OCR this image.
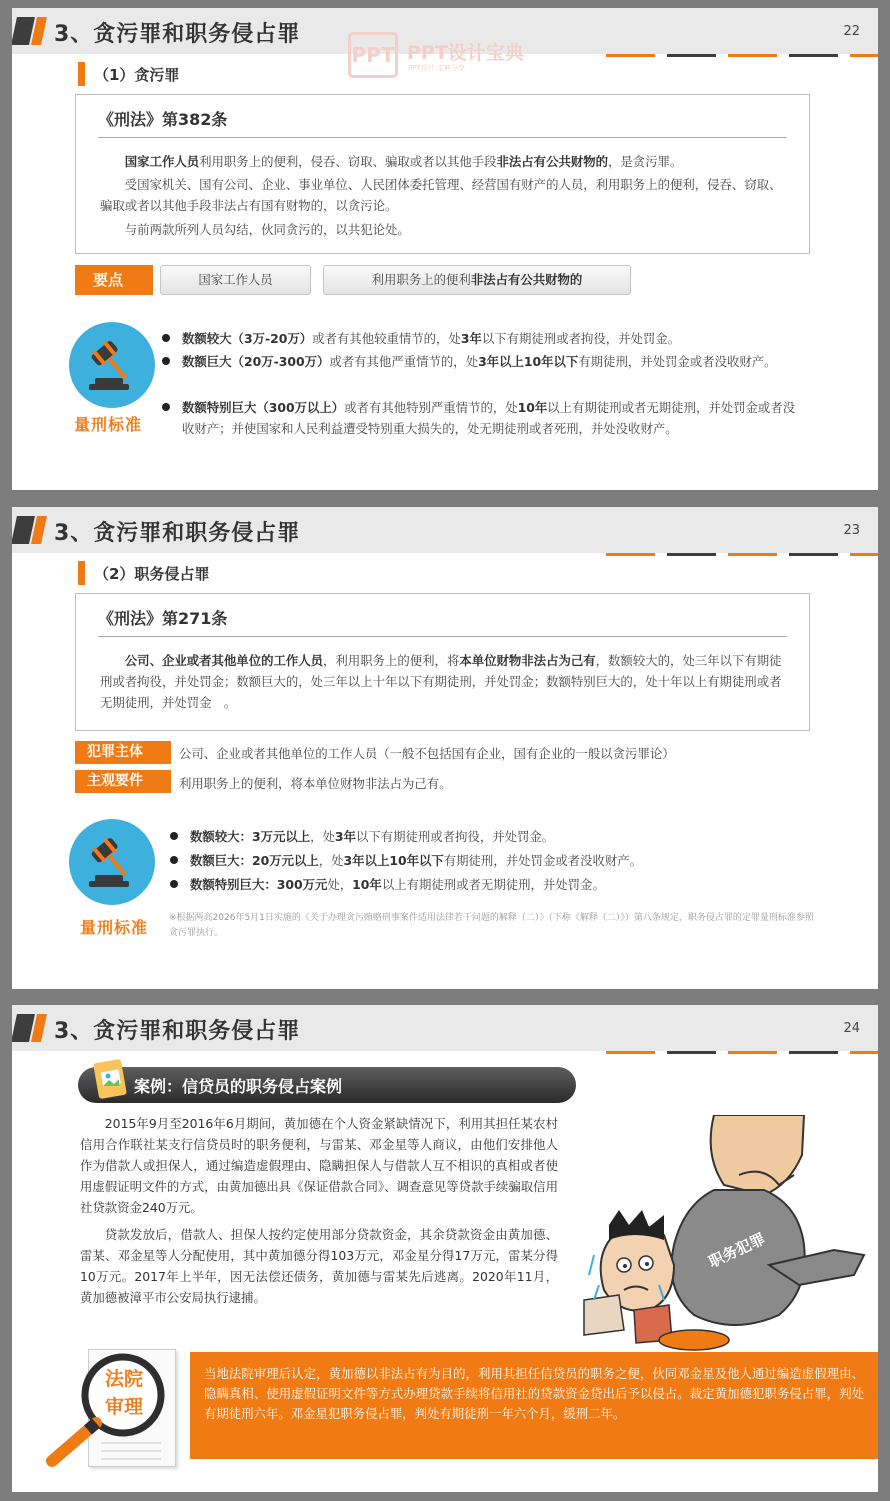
3、贪污罪和职务侵占罪	22
PPT PPT设计宝典
PPT设计·宝典分享
（1）贪污罪
《刑法》第382条
国家工作人员利用职务上的便利，侵吞、窃取、骗取或者以其他手段非法占有公共财物的，是贪污罪。
受国家机关、国有公司、企业、事业单位、人民团体委托管理、经营国有财产的人员，利用职务上的便利，侵吞、窃取、骗取或者以其他手段非法占有国有财物的，以贪污论。
与前两款所列人员勾结，伙同贪污的，以共犯论处。
要点	国家工作人员	利用职务上的便利非法占有公共财物的
量刑标准
数额较大（3万-20万）或者有其他较重情节的，处3年以下有期徒刑或者拘役，并处罚金。
数额巨大（20万-300万）或者有其他严重情节的，处3年以上10年以下有期徒刑，并处罚金或者没收财产。
数额特别巨大（300万以上）或者有其他特别严重情节的，处10年以上有期徒刑或者无期徒刑，并处罚金或者没收财产；并使国家和人民利益遭受特别重大损失的，处无期徒刑或者死刑，并处没收财产。
3、贪污罪和职务侵占罪	23
（2）职务侵占罪
《刑法》第271条
公司、企业或者其他单位的工作人员，利用职务上的便利，将本单位财物非法占为己有，数额较大的，处三年以下有期徒刑或者拘役，并处罚金；数额巨大的，处三年以上十年以下有期徒刑，并处罚金；数额特别巨大的，处十年以上有期徒刑或者无期徒刑，并处罚金　。
犯罪主体	公司、企业或者其他单位的工作人员（一般不包括国有企业，国有企业的一般以贪污罪论）
主观要件	利用职务上的便利，将本单位财物非法占为己有。
量刑标准
数额较大：3万元以上，处3年以下有期徒刑或者拘役，并处罚金。
数额巨大：20万元以上，处3年以上10年以下有期徒刑，并处罚金或者没收财产。
数额特别巨大：300万元处，10年以上有期徒刑或者无期徒刑，并处罚金。
※根据两高2026年5月1日实施的《关于办理贪污贿赂刑事案件适用法律若干问题的解释（二）》（下称《解释（二）》）第八条规定，职务侵占罪的定罪量刑标准参照贪污罪执行。
3、贪污罪和职务侵占罪	24
案例：信贷员的职务侵占案例
2015年9月至2016年6月期间，黄加德在个人资金紧缺情况下，利用其担任某农村信用合作联社某支行信贷员时的职务便利，与雷某、邓金星等人商议，由他们安排他人作为借款人或担保人，通过编造虚假理由、隐瞒担保人与借款人互不相识的真相或者使用虚假证明文件的方式，由黄加德出具《保证借款合同》、调查意见等贷款手续骗取信用社贷款资金240万元。
贷款发放后，借款人、担保人按约定使用部分贷款资金，其余贷款资金由黄加德、雷某、邓金星等人分配使用，其中黄加德分得103万元，邓金星分得17万元，雷某分得10万元。2017年上半年，因无法偿还债务，黄加德与雷某先后逃离。2020年11月，黄加德被漳平市公安局执行逮捕。
职务犯罪
当地法院审理后认定，黄加德以非法占有为目的，利用其担任信贷员的职务之便，伙同邓金星及他人通过编造虚假理由、隐瞒真相、使用虚假证明文件等方式办理贷款手续将信用社的贷款资金贷出后予以侵占。裁定黄加德犯职务侵占罪，判处有期徒刑六年。邓金星犯职务侵占罪，判处有期徒刑一年六个月，缓刑二年。
法院
审理
